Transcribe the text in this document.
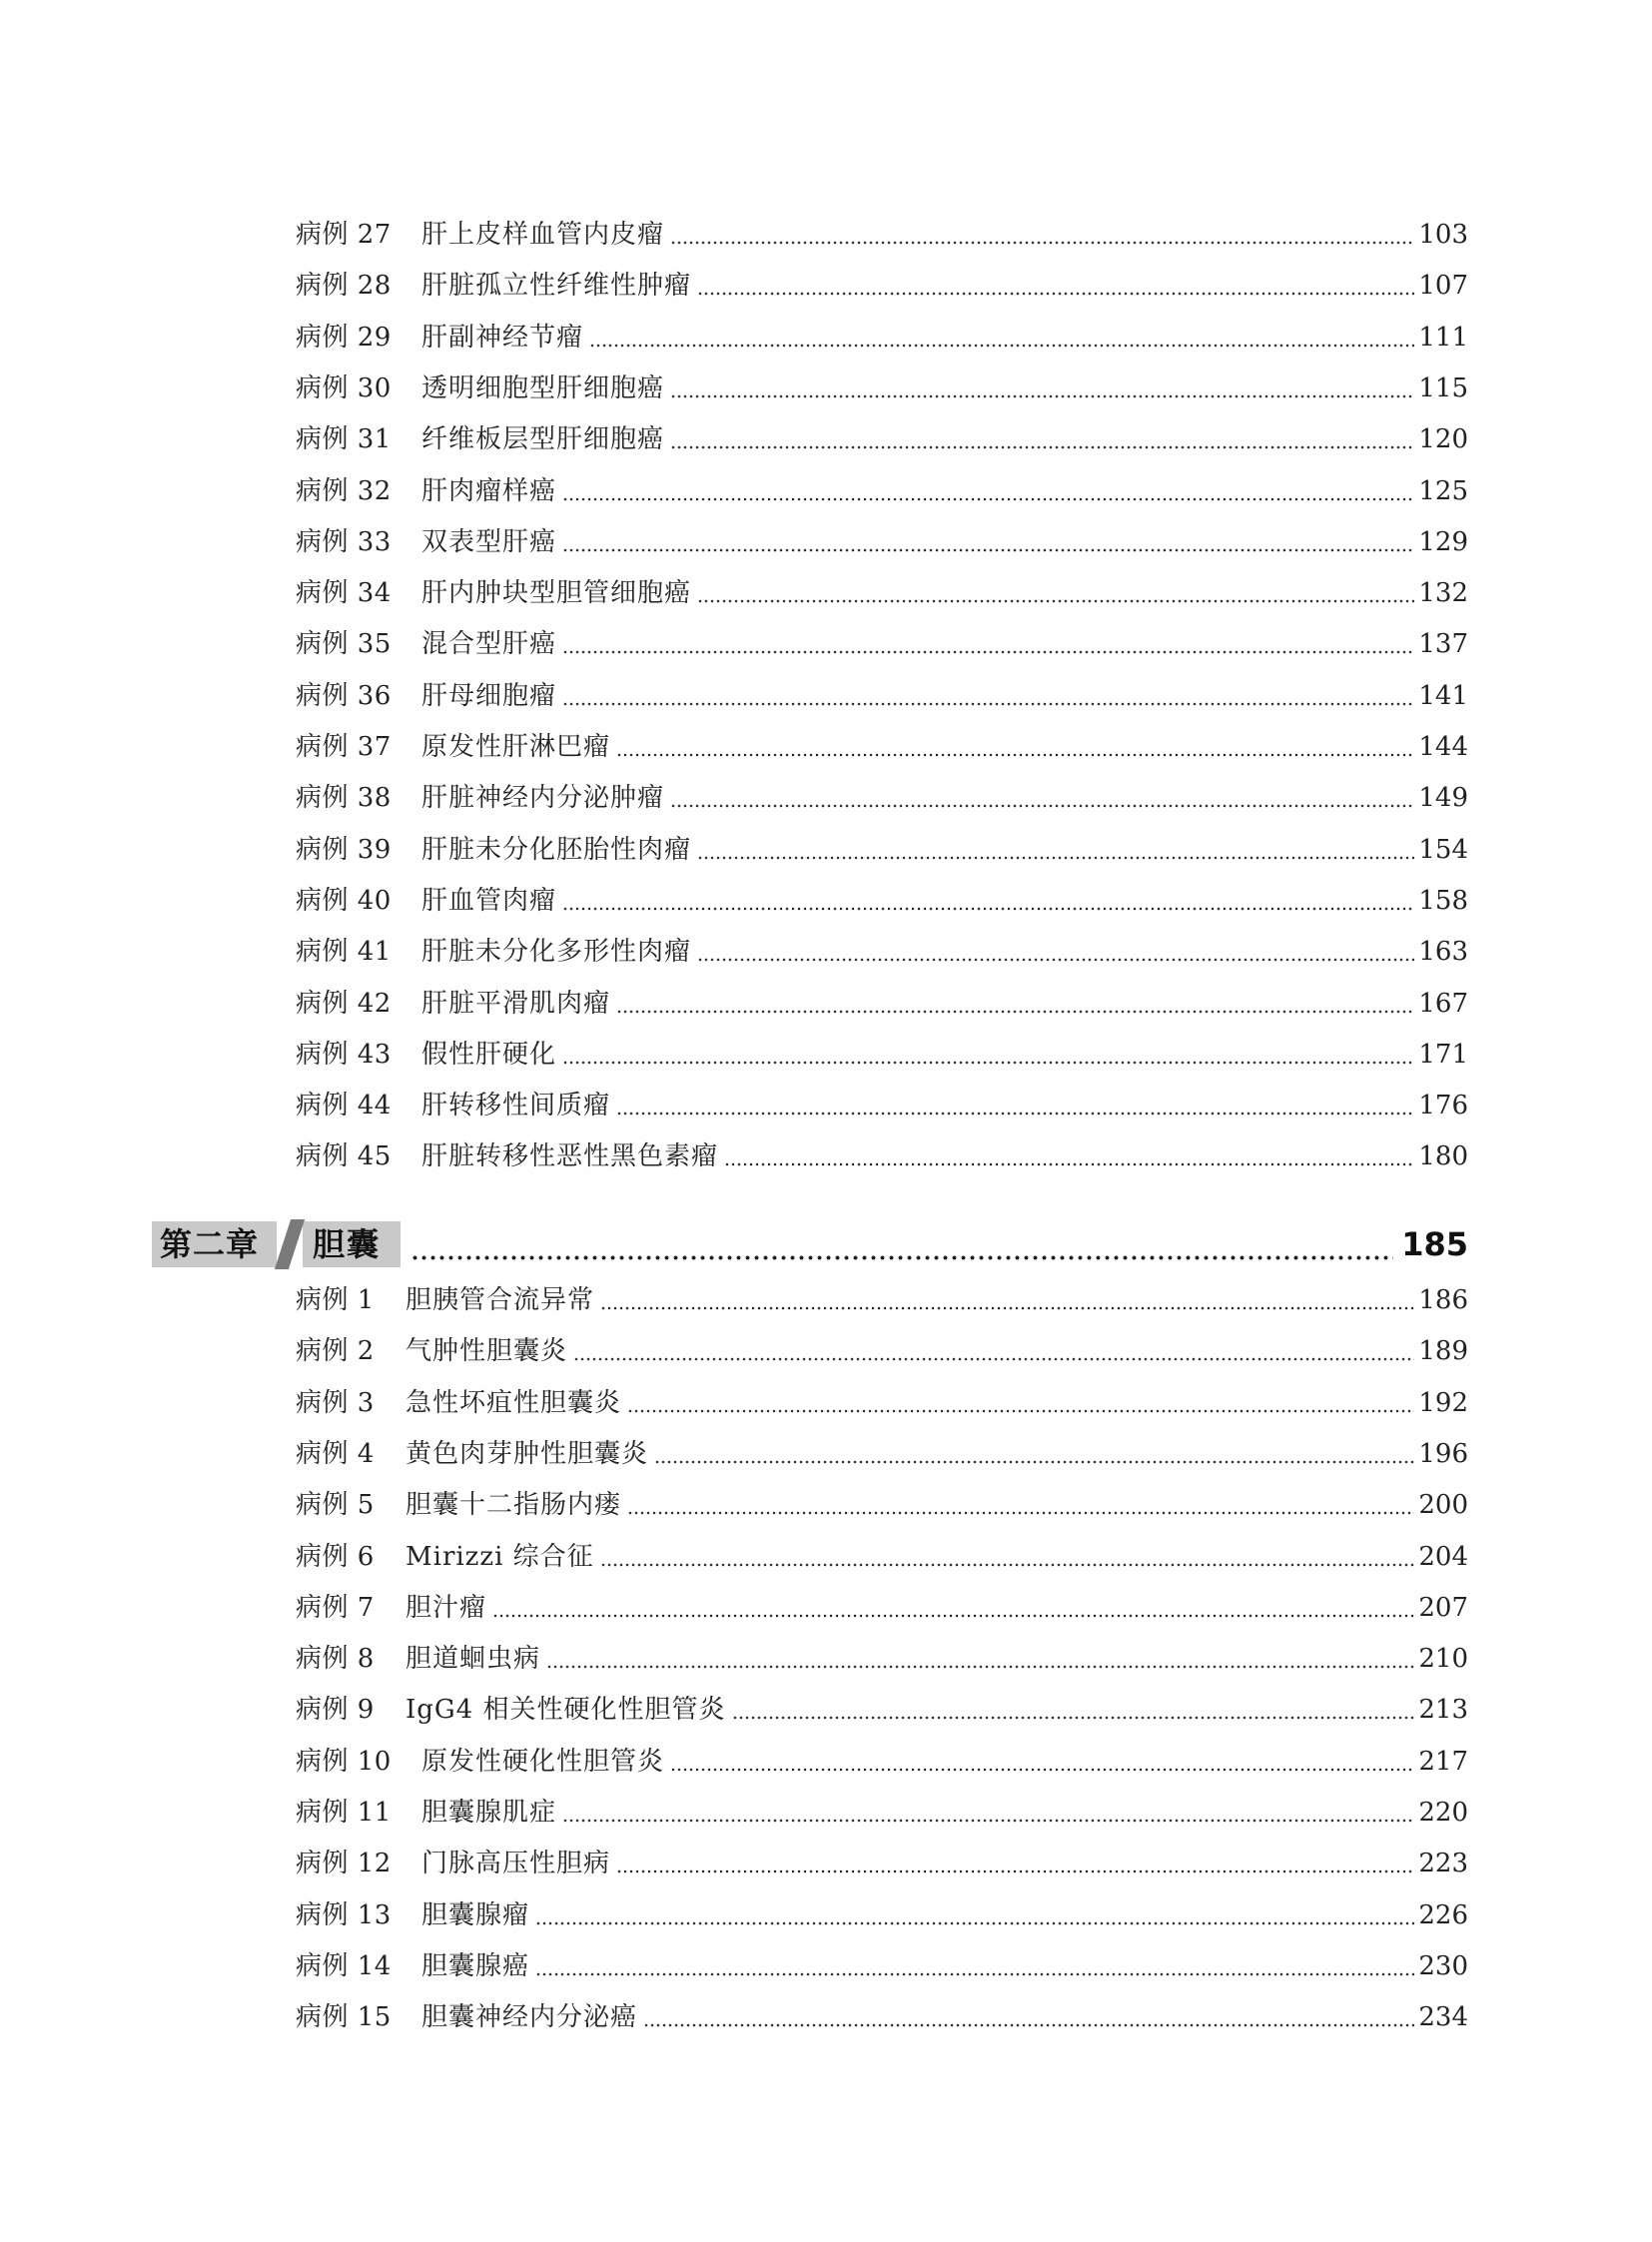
病例 27	肝上皮样血管内皮瘤	103
病例 28	肝脏孤立性纤维性肿瘤	107
病例 29	肝副神经节瘤	111
病例 30	透明细胞型肝细胞癌	115
病例 31	纤维板层型肝细胞癌	120
病例 32	肝肉瘤样癌	125
病例 33	双表型肝癌	129
病例 34	肝内肿块型胆管细胞癌	132
病例 35	混合型肝癌	137
病例 36	肝母细胞瘤	141
病例 37	原发性肝淋巴瘤	144
病例 38	肝脏神经内分泌肿瘤	149
病例 39	肝脏未分化胚胎性肉瘤	154
病例 40	肝血管肉瘤	158
病例 41	肝脏未分化多形性肉瘤	163
病例 42	肝脏平滑肌肉瘤	167
病例 43	假性肝硬化	171
病例 44	肝转移性间质瘤	176
病例 45	肝脏转移性恶性黑色素瘤	180
第二章	胆囊	185
病例 1	胆胰管合流异常	186
病例 2	气肿性胆囊炎	189
病例 3	急性坏疽性胆囊炎	192
病例 4	黄色肉芽肿性胆囊炎	196
病例 5	胆囊十二指肠内瘘	200
病例 6	Mirizzi 综合征	204
病例 7	胆汁瘤	207
病例 8	胆道蛔虫病	210
病例 9	IgG4 相关性硬化性胆管炎	213
病例 10	原发性硬化性胆管炎	217
病例 11	胆囊腺肌症	220
病例 12	门脉高压性胆病	223
病例 13	胆囊腺瘤	226
病例 14	胆囊腺癌	230
病例 15	胆囊神经内分泌癌	234
